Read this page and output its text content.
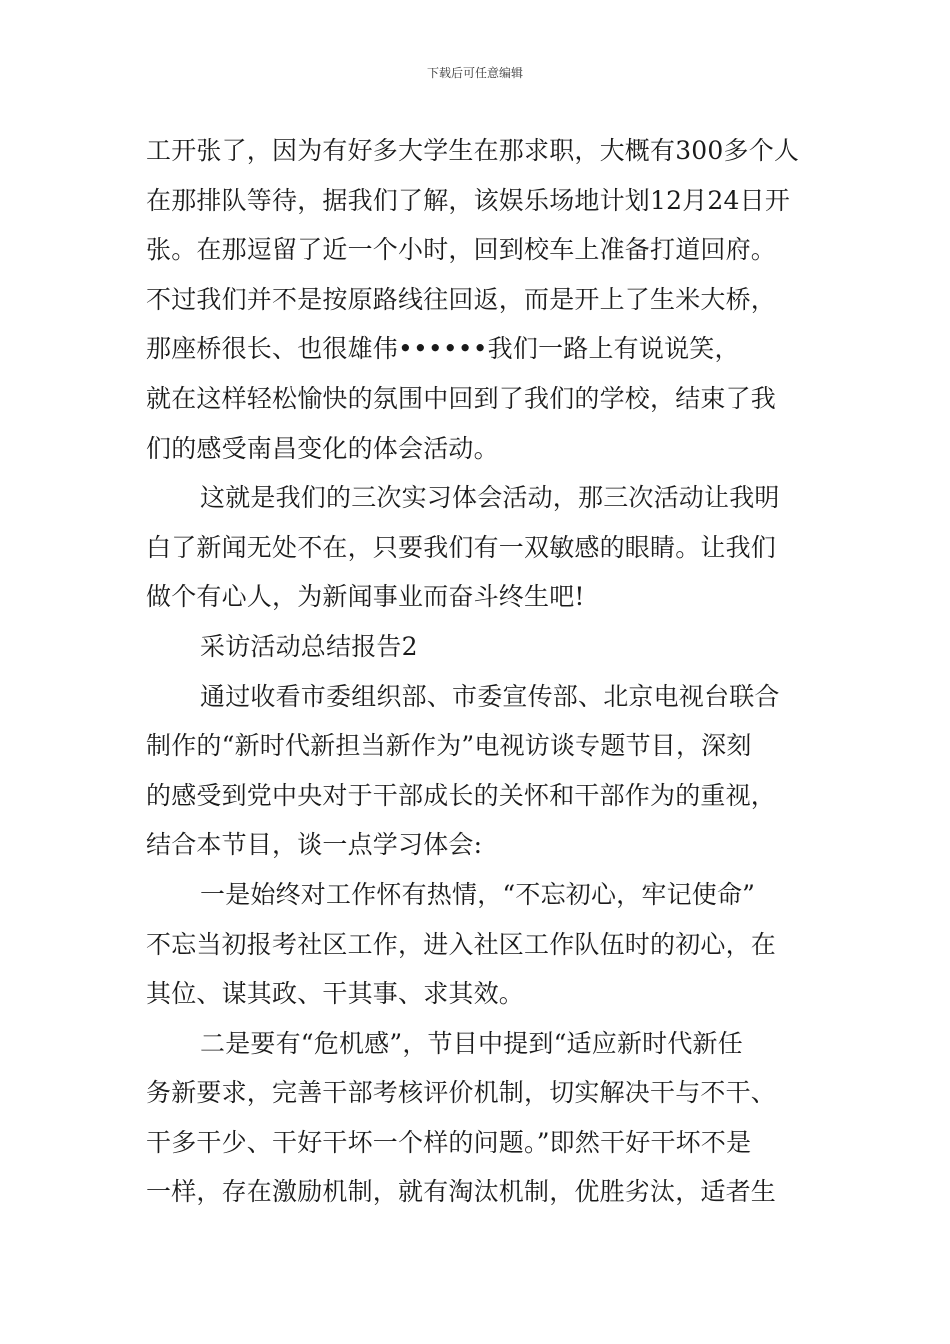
下载后可任意编辑
工开张了，因为有好多大学生在那求职，大概有300多个人
在那排队等待，据我们了解，该娱乐场地计划12月24日开
张。在那逗留了近一个小时，回到校车上准备打道回府。
不过我们并不是按原路线往回返，而是开上了生米大桥，
那座桥很长、也很雄伟••••••我们一路上有说说笑，
就在这样轻松愉快的氛围中回到了我们的学校，结束了我
们的感受南昌变化的体会活动。
这就是我们的三次实习体会活动，那三次活动让我明
白了新闻无处不在，只要我们有一双敏感的眼睛。让我们
做个有心人，为新闻事业而奋斗终生吧!
采访活动总结报告2
通过收看市委组织部、市委宣传部、北京电视台联合
制作的“新时代新担当新作为”电视访谈专题节目，深刻
的感受到党中央对于干部成长的关怀和干部作为的重视，
结合本节目，谈一点学习体会:
一是始终对工作怀有热情，“不忘初心，牢记使命”
不忘当初报考社区工作，进入社区工作队伍时的初心，在
其位、谋其政、干其事、求其效。
二是要有“危机感”，节目中提到“适应新时代新任
务新要求，完善干部考核评价机制，切实解决干与不干、
干多干少、干好干坏一个样的问题。”即然干好干坏不是
一样，存在激励机制，就有淘汰机制，优胜劣汰，适者生
